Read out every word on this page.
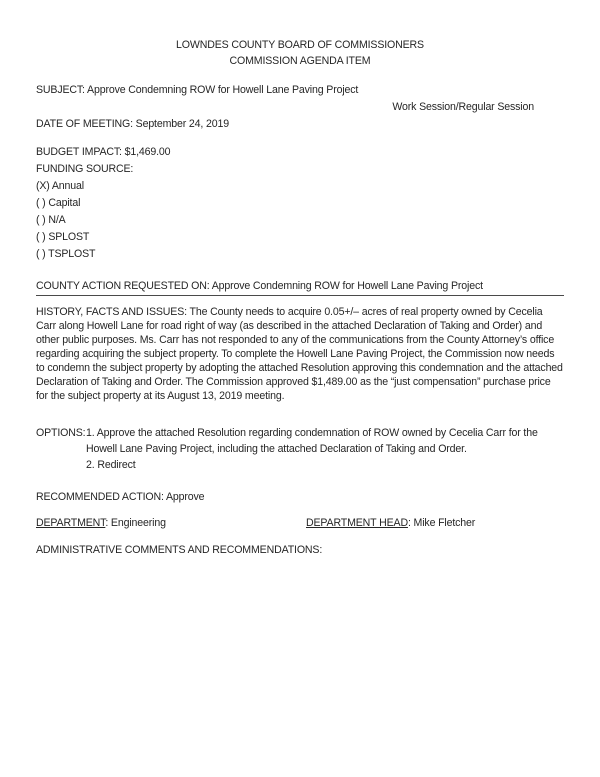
LOWNDES COUNTY BOARD OF COMMISSIONERS
COMMISSION AGENDA ITEM
SUBJECT: Approve Condemning ROW for Howell Lane Paving Project
Work Session/Regular Session
DATE OF MEETING: September 24, 2019
BUDGET IMPACT: $1,469.00
FUNDING SOURCE:
(X) Annual
( ) Capital
( ) N/A
( ) SPLOST
( ) TSPLOST
COUNTY ACTION REQUESTED ON: Approve Condemning ROW for Howell Lane Paving Project
HISTORY, FACTS AND ISSUES: The County needs to acquire 0.05+/– acres of real property owned by Cecelia Carr along Howell Lane for road right of way (as described in the attached Declaration of Taking and Order) and other public purposes. Ms. Carr has not responded to any of the communications from the County Attorney’s office regarding acquiring the subject property. To complete the Howell Lane Paving Project, the Commission now needs to condemn the subject property by adopting the attached Resolution approving this condemnation and the attached Declaration of Taking and Order. The Commission approved $1,489.00 as the “just compensation” purchase price for the subject property at its August 13, 2019 meeting.
OPTIONS: 1. Approve the attached Resolution regarding condemnation of ROW owned by Cecelia Carr for the Howell Lane Paving Project, including the attached Declaration of Taking and Order.
2. Redirect
RECOMMENDED ACTION: Approve
DEPARTMENT: Engineering	DEPARTMENT HEAD: Mike Fletcher
ADMINISTRATIVE COMMENTS AND RECOMMENDATIONS:
